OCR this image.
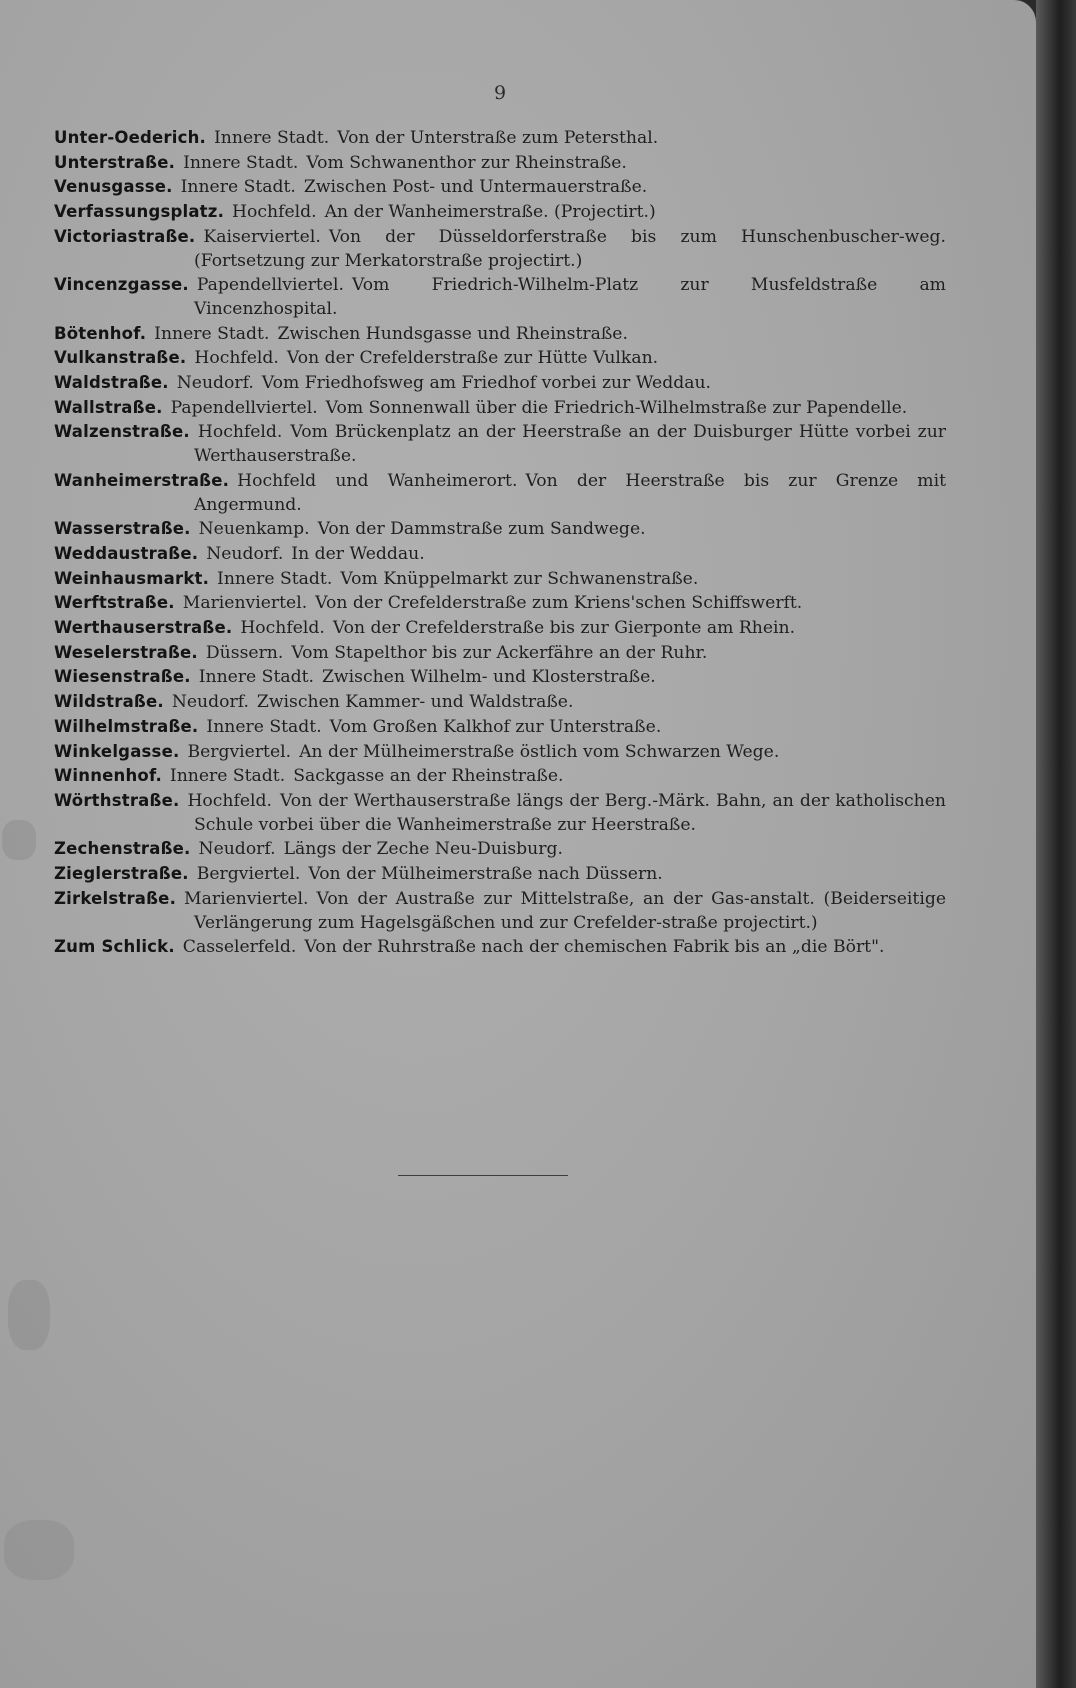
9
Unter-Oederich. Innere Stadt. Von der Unterstraße zum Petersthal.
Unterstraße. Innere Stadt. Vom Schwanenthor zur Rheinstraße.
Venusgasse. Innere Stadt. Zwischen Post- und Untermauerstraße.
Verfassungsplatz. Hochfeld. An der Wanheimerstraße. (Projectirt.)
Victoriastraße. Kaiserviertel. Von der Düsseldorferstraße bis zum Hunschenbuscher-weg. (Fortsetzung zur Merkatorstraße projectirt.)
Vincenzgasse. Papendellviertel. Vom Friedrich-Wilhelm-Platz zur Musfeldstraße am Vincenzhospital.
Bötenhof. Innere Stadt. Zwischen Hundsgasse und Rheinstraße.
Vulkanstraße. Hochfeld. Von der Crefelderstraße zur Hütte Vulkan.
Waldstraße. Neudorf. Vom Friedhofsweg am Friedhof vorbei zur Weddau.
Wallstraße. Papendellviertel. Vom Sonnenwall über die Friedrich-Wilhelmstraße zur Papendelle.
Walzenstraße. Hochfeld. Vom Brückenplatz an der Heerstraße an der Duisburger Hütte vorbei zur Werthauserstraße.
Wanheimerstraße. Hochfeld und Wanheimerort. Von der Heerstraße bis zur Grenze mit Angermund.
Wasserstraße. Neuenkamp. Von der Dammstraße zum Sandwege.
Weddaustraße. Neudorf. In der Weddau.
Weinhausmarkt. Innere Stadt. Vom Knüppelmarkt zur Schwanenstraße.
Werftstraße. Marienviertel. Von der Crefelderstraße zum Kriens'schen Schiffswerft.
Werthauserstraße. Hochfeld. Von der Crefelderstraße bis zur Gierponte am Rhein.
Weselerstraße. Düssern. Vom Stapelthor bis zur Ackerfähre an der Ruhr.
Wiesenstraße. Innere Stadt. Zwischen Wilhelm- und Klosterstraße.
Wildstraße. Neudorf. Zwischen Kammer- und Waldstraße.
Wilhelmstraße. Innere Stadt. Vom Großen Kalkhof zur Unterstraße.
Winkelgasse. Bergviertel. An der Mülheimerstraße östlich vom Schwarzen Wege.
Winnenhof. Innere Stadt. Sackgasse an der Rheinstraße.
Wörthstraße. Hochfeld. Von der Werthauserstraße längs der Berg.-Märk. Bahn, an der katholischen Schule vorbei über die Wanheimerstraße zur Heerstraße.
Zechenstraße. Neudorf. Längs der Zeche Neu-Duisburg.
Zieglerstraße. Bergviertel. Von der Mülheimerstraße nach Düssern.
Zirkelstraße. Marienviertel. Von der Austraße zur Mittelstraße, an der Gas-anstalt. (Beiderseitige Verlängerung zum Hagelsgäßchen und zur Crefelder-straße projectirt.)
Zum Schlick. Casselerfeld. Von der Ruhrstraße nach der chemischen Fabrik bis an „die Bört".
